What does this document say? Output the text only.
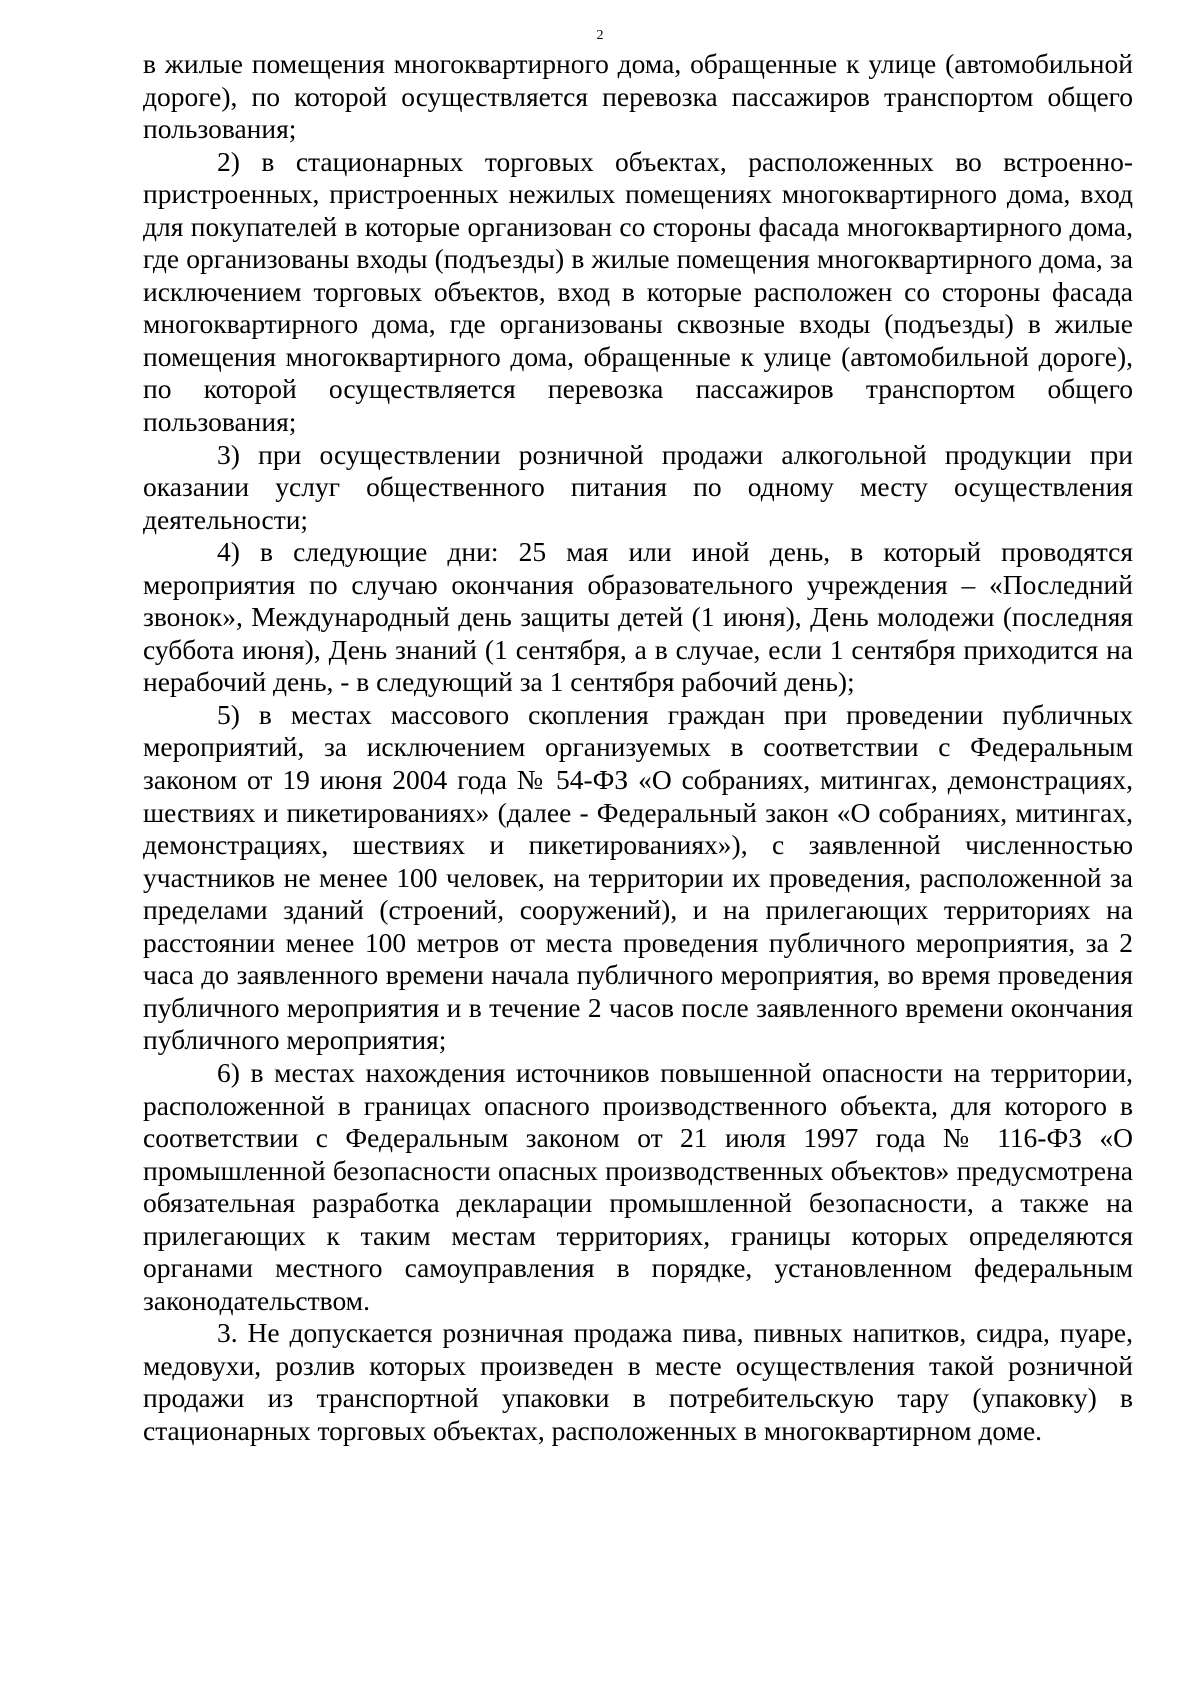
2

в жилые помещения многоквартирного дома, обращенные к улице (автомобильной дороге), по которой осуществляется перевозка пассажиров транспортом общего пользования;

2) в стационарных торговых объектах, расположенных во встроенно-пристроенных, пристроенных нежилых помещениях многоквартирного дома, вход для покупателей в которые организован со стороны фасада многоквартирного дома, где организованы входы (подъезды) в жилые помещения многоквартирного дома, за исключением торговых объектов, вход в которые расположен со стороны фасада многоквартирного дома, где организованы сквозные входы (подъезды) в жилые помещения многоквартирного дома, обращенные к улице (автомобильной дороге), по которой осуществляется перевозка пассажиров транспортом общего пользования;

3) при осуществлении розничной продажи алкогольной продукции при оказании услуг общественного питания по одному месту осуществления деятельности;

4) в следующие дни: 25 мая или иной день, в который проводятся мероприятия по случаю окончания образовательного учреждения – «Последний звонок», Международный день защиты детей (1 июня), День молодежи (последняя суббота июня), День знаний (1 сентября, а в случае, если 1 сентября приходится на нерабочий день, - в следующий за 1 сентября рабочий день);

5) в местах массового скопления граждан при проведении публичных мероприятий, за исключением организуемых в соответствии с Федеральным законом от 19 июня 2004 года № 54-ФЗ «О собраниях, митингах, демонстрациях, шествиях и пикетированиях» (далее - Федеральный закон «О собраниях, митингах, демонстрациях, шествиях и пикетированиях»), с заявленной численностью участников не менее 100 человек, на территории их проведения, расположенной за пределами зданий (строений, сооружений), и на прилегающих территориях на расстоянии менее 100 метров от места проведения публичного мероприятия, за 2 часа до заявленного времени начала публичного мероприятия, во время проведения публичного мероприятия и в течение 2 часов после заявленного времени окончания публичного мероприятия;

6) в местах нахождения источников повышенной опасности на территории, расположенной в границах опасного производственного объекта, для которого в соответствии с Федеральным законом от 21 июля 1997 года № 116-ФЗ «О промышленной безопасности опасных производственных объектов» предусмотрена обязательная разработка декларации промышленной безопасности, а также на прилегающих к таким местам территориях, границы которых определяются органами местного самоуправления в порядке, установленном федеральным законодательством.

3. Не допускается розничная продажа пива, пивных напитков, сидра, пуаре, медовухи, розлив которых произведен в месте осуществления такой розничной продажи из транспортной упаковки в потребительскую тару (упаковку) в стационарных торговых объектах, расположенных в многоквартирном доме.
